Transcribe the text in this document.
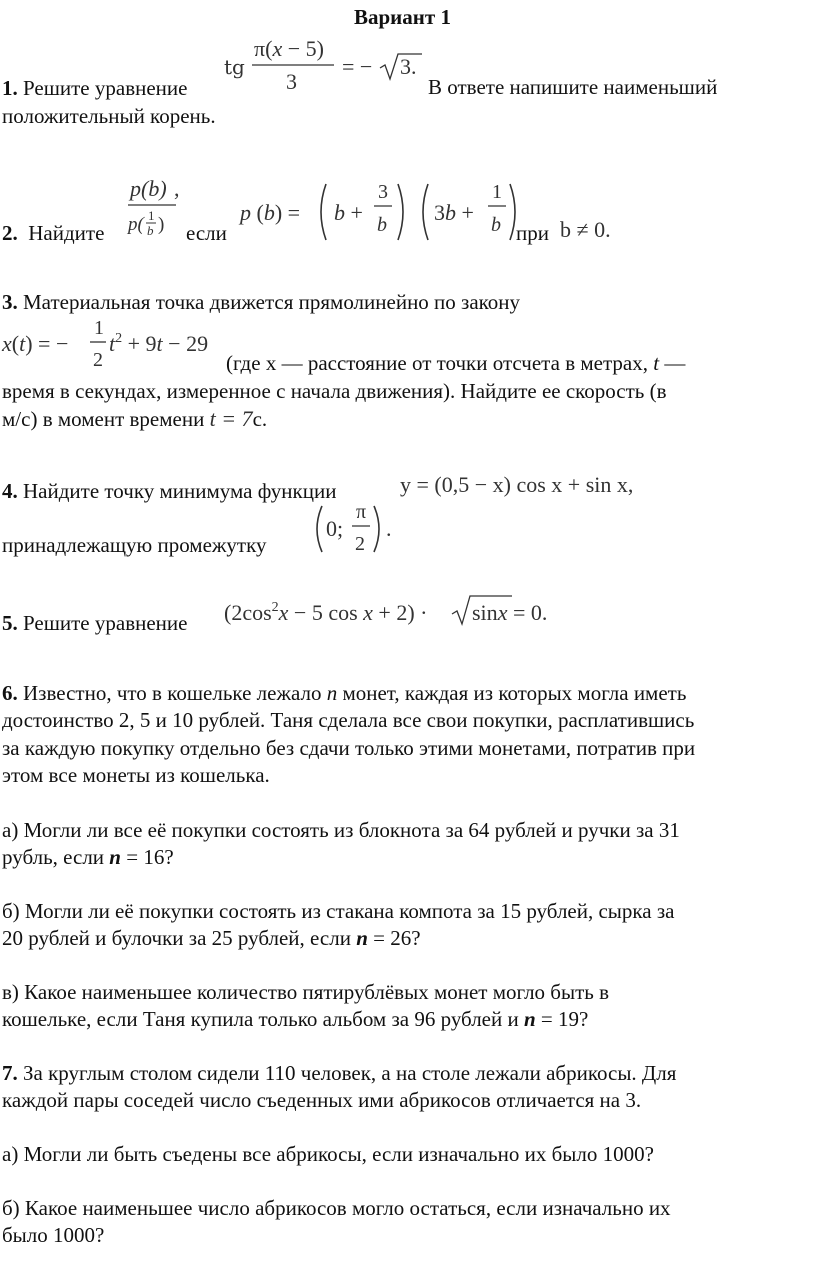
Вариант 1
1. Решите уравнение
tg
π(x − 5)
3
= − 3.
В ответе напишите наименьший
положительный корень.
2. Найдите
p(b) ,
p( 1
b ) если
p (b) = b +
3
b 3b +
1
b при b ≠ 0.
3. Материальная точка движется прямолинейно по закону
x(t) = −
1
2
$t^2 + 9t - 29$
(где x — расстояние от точки отсчета в метрах, t —
время в секундах, измеренное с начала движения). Найдите ее скорость (в
м/с) в момент времени t = 7с.
4. Найдите точку минимума функции	y = (0,5 − x) cos x + sin x,
принадлежащую промежутку
0;
π
2
.
5. Решите уравнение ($2\cos^2x - 5$ cos x + 2) · sinx = 0.
6. Известно, что в кошельке лежало n монет, каждая из которых могла иметь
достоинство 2, 5 и 10 рублей. Таня сделала все свои покупки, расплатившись
за каждую покупку отдельно без сдачи только этими монетами, потратив при
этом все монеты из кошелька.
а) Могли ли все её покупки состоять из блокнота за 64 рублей и ручки за 31
рубль, если n = 16?
б) Могли ли её покупки состоять из стакана компота за 15 рублей, сырка за
20 рублей и булочки за 25 рублей, если n = 26?
в) Какое наименьшее количество пятирублёвых монет могло быть в
кошельке, если Таня купила только альбом за 96 рублей и n = 19?
7. За круглым столом сидели 110 человек, а на столе лежали абрикосы. Для
каждой пары соседей число съеденных ими абрикосов отличается на 3.
а) Могли ли быть съедены все абрикосы, если изначально их было 1000?
б) Какое наименьшее число абрикосов могло остаться, если изначально их
было 1000?
